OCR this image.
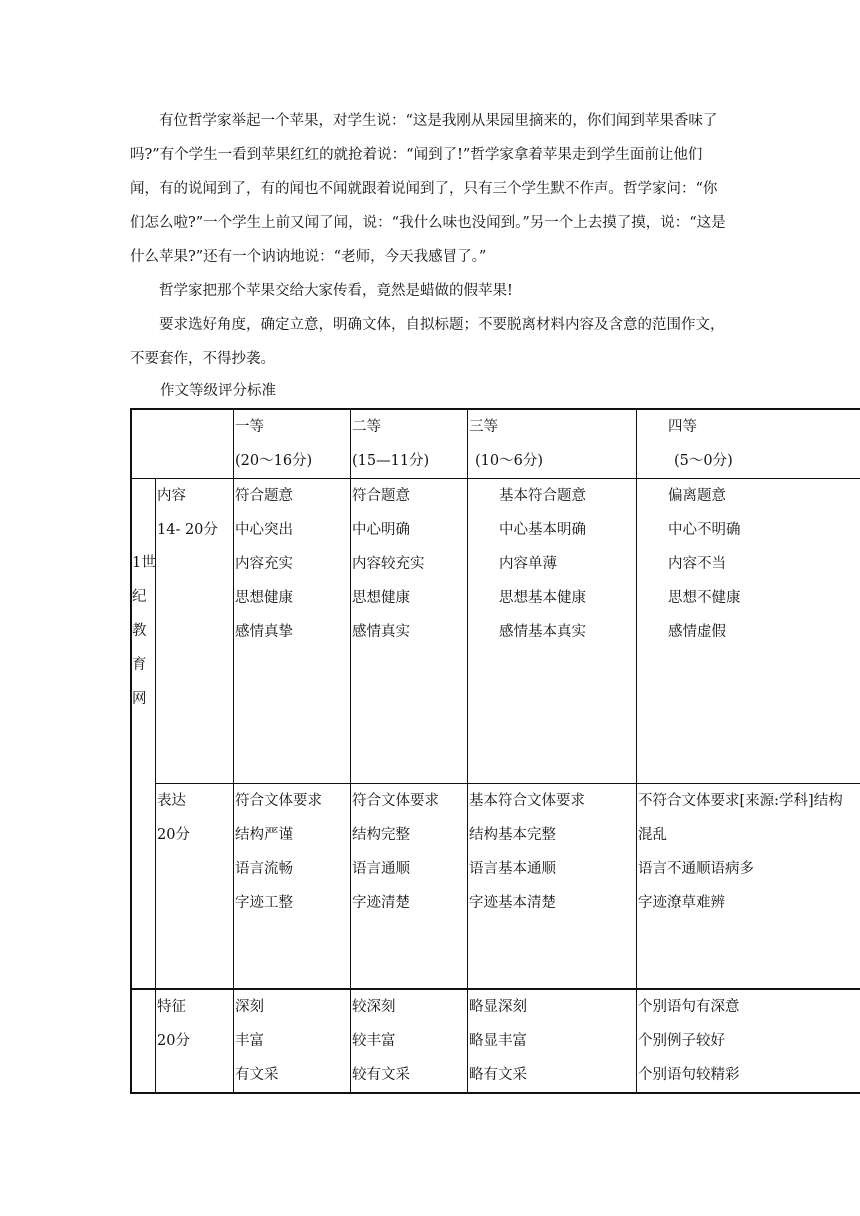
有位哲学家举起一个苹果，对学生说：“这是我刚从果园里摘来的，你们闻到苹果香味了吗?”有个学生一看到苹果红红的就抢着说：“闻到了!”哲学家拿着苹果走到学生面前让他们闻，有的说闻到了，有的闻也不闻就跟着说闻到了，只有三个学生默不作声。哲学家问：“你们怎么啦?”一个学生上前又闻了闻，说：“我什么味也没闻到。”另一个上去摸了摸，说：“这是什么苹果?”还有一个讷讷地说：“老师，今天我感冒了。”

哲学家把那个苹果交给大家传看，竟然是蜡做的假苹果!

要求选好角度，确定立意，明确文体，自拟标题；不要脱离材料内容及含意的范围作文，不要套作，不得抄袭。

作文等级评分标准
一等
(20～16分)
二等
(15—11分)
三等
(10～6分)
四等
(5～0分)
1世
纪
教
育
网
内容
14- 20分
符合题意
中心突出
内容充实
思想健康
感情真挚
符合题意
中心明确
内容较充实
思想健康
感情真实
基本符合题意
中心基本明确
内容单薄
思想基本健康
感情基本真实
偏离题意
中心不明确
内容不当
思想不健康
感情虚假
表达
20分
符合文体要求
结构严谨
语言流畅
字迹工整
符合文体要求
结构完整
语言通顺
字迹清楚
基本符合文体要求
结构基本完整
语言基本通顺
字迹基本清楚
不符合文体要求[来源:学科]结构
混乱
语言不通顺语病多
字迹潦草难辨
特征
20分
深刻
丰富
有文采
较深刻
较丰富
较有文采
略显深刻
略显丰富
略有文采
个别语句有深意
个别例子较好
个别语句较精彩
